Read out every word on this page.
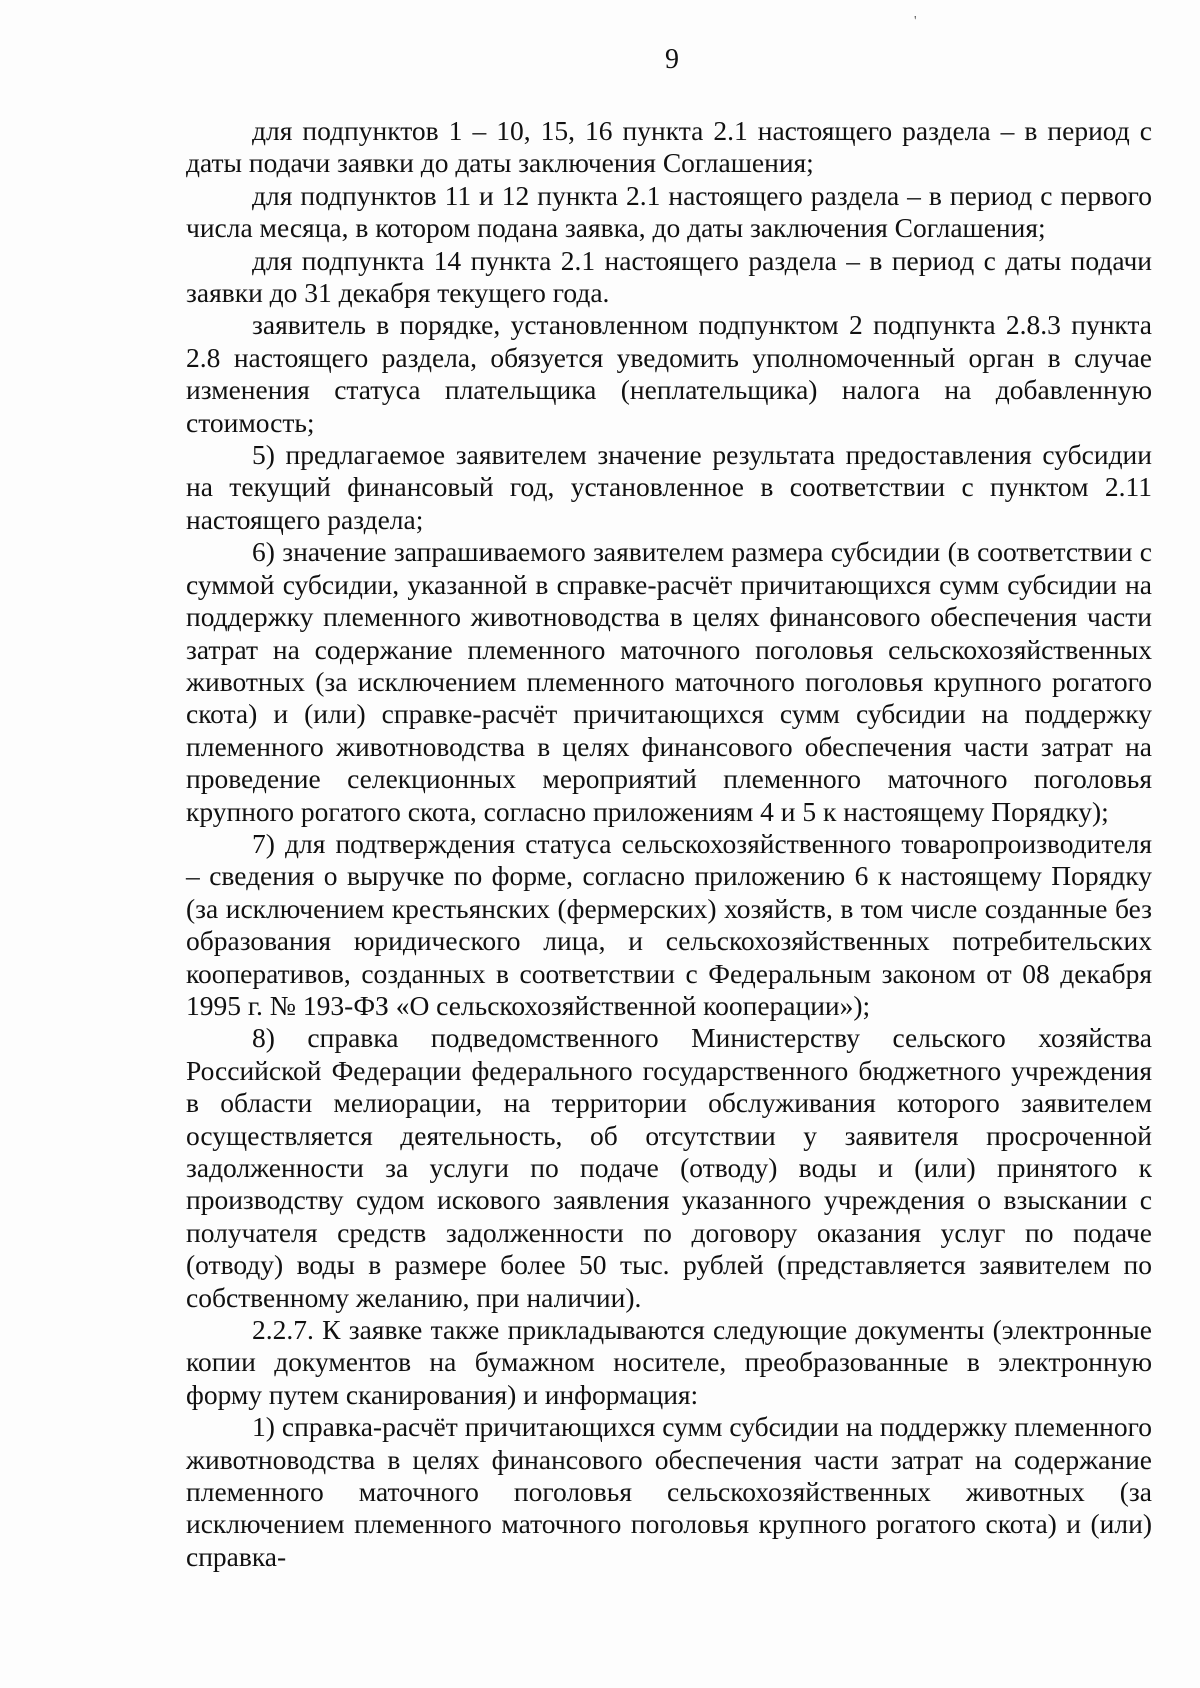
'
9

для подпунктов 1 – 10, 15, 16 пункта 2.1 настоящего раздела – в период с даты подачи заявки до даты заключения Соглашения;

для подпунктов 11 и 12 пункта 2.1 настоящего раздела – в период с первого числа месяца, в котором подана заявка, до даты заключения Соглашения;

для подпункта 14 пункта 2.1 настоящего раздела – в период с даты подачи заявки до 31 декабря текущего года.

заявитель в порядке, установленном подпунктом 2 подпункта 2.8.3 пункта 2.8 настоящего раздела, обязуется уведомить уполномоченный орган в случае изменения статуса плательщика (неплательщика) налога на добавленную стоимость;

5) предлагаемое заявителем значение результата предоставления субсидии на текущий финансовый год, установленное в соответствии с пунктом 2.11 настоящего раздела;

6) значение запрашиваемого заявителем размера субсидии (в соответствии с суммой субсидии, указанной в справке-расчёт причитающихся сумм субсидии на поддержку племенного животноводства в целях финансового обеспечения части затрат на содержание племенного маточного поголовья сельскохозяйственных животных (за исключением племенного маточного поголовья крупного рогатого скота) и (или) справке-расчёт причитающихся сумм субсидии на поддержку племенного животноводства в целях финансового обеспечения части затрат на проведение селекционных мероприятий племенного маточного поголовья крупного рогатого скота, согласно приложениям 4 и 5 к настоящему Порядку);

7) для подтверждения статуса сельскохозяйственного товаропроизводителя – сведения о выручке по форме, согласно приложению 6 к настоящему Порядку (за исключением крестьянских (фермерских) хозяйств, в том числе созданные без образования юридического лица, и сельскохозяйственных потребительских кооперативов, созданных в соответствии с Федеральным законом от 08 декабря 1995 г. № 193-ФЗ «О сельскохозяйственной кооперации»);

8) справка подведомственного Министерству сельского хозяйства Российской Федерации федерального государственного бюджетного учреждения в области мелиорации, на территории обслуживания которого заявителем осуществляется деятельность, об отсутствии у заявителя просроченной задолженности за услуги по подаче (отводу) воды и (или) принятого к производству судом искового заявления указанного учреждения о взыскании с получателя средств задолженности по договору оказания услуг по подаче (отводу) воды в размере более 50 тыс. рублей (представляется заявителем по собственному желанию, при наличии).

2.2.7. К заявке также прикладываются следующие документы (электронные копии документов на бумажном носителе, преобразованные в электронную форму путем сканирования) и информация:

1) справка-расчёт причитающихся сумм субсидии на поддержку племенного животноводства в целях финансового обеспечения части затрат на содержание племенного маточного поголовья сельскохозяйственных животных (за исключением племенного маточного поголовья крупного рогатого скота) и (или) справка-
